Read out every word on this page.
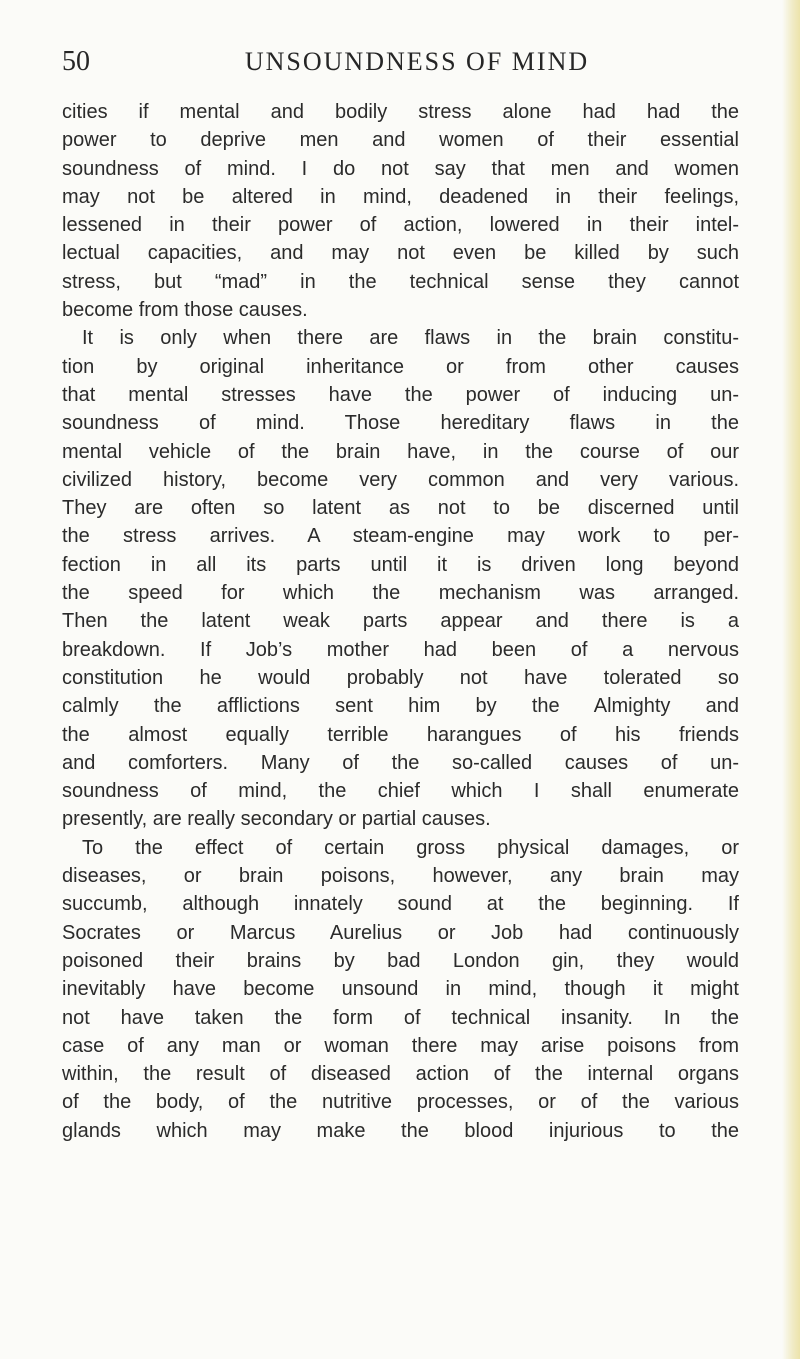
50	UNSOUNDNESS OF MIND
cities if mental and bodily stress alone had had the
power to deprive men and women of their essential
soundness of mind. I do not say that men and women
may not be altered in mind, deadened in their feelings,
lessened in their power of action, lowered in their intel-
lectual capacities, and may not even be killed by such
stress, but “mad” in the technical sense they cannot
become from those causes.
It is only when there are flaws in the brain constitu-
tion by original inheritance or from other causes
that mental stresses have the power of inducing un-
soundness of mind. Those hereditary flaws in the
mental vehicle of the brain have, in the course of our
civilized history, become very common and very various.
They are often so latent as not to be discerned until
the stress arrives. A steam-engine may work to per-
fection in all its parts until it is driven long beyond
the speed for which the mechanism was arranged.
Then the latent weak parts appear and there is a
breakdown. If Job’s mother had been of a nervous
constitution he would probably not have tolerated so
calmly the afflictions sent him by the Almighty and
the almost equally terrible harangues of his friends
and comforters. Many of the so-called causes of un-
soundness of mind, the chief which I shall enumerate
presently, are really secondary or partial causes.
To the effect of certain gross physical damages, or
diseases, or brain poisons, however, any brain may
succumb, although innately sound at the beginning. If
Socrates or Marcus Aurelius or Job had continuously
poisoned their brains by bad London gin, they would
inevitably have become unsound in mind, though it might
not have taken the form of technical insanity. In the
case of any man or woman there may arise poisons from
within, the result of diseased action of the internal organs
of the body, of the nutritive processes, or of the various
glands which may make the blood injurious to the
